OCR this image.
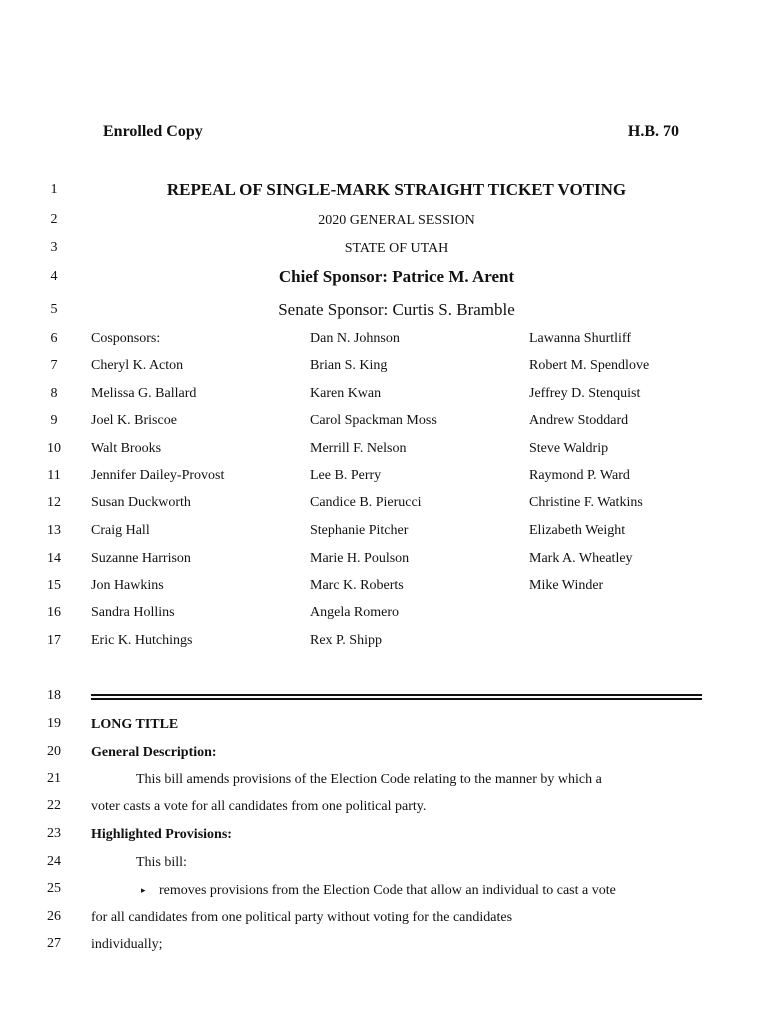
Enrolled Copy	H.B. 70
1
2
3
4
5
6
7
8
9
10
11
12
13
14
15
16
17
18
19
20
21
22
23
24
25
26
27
REPEAL OF SINGLE-MARK STRAIGHT TICKET VOTING
2020 GENERAL SESSION
STATE OF UTAH
Chief Sponsor: Patrice M. Arent
Senate Sponsor: Curtis S. Bramble
Cosponsors:	Dan N. Johnson	Lawanna Shurtliff
Cheryl K. Acton	Brian S. King	Robert M. Spendlove
Melissa G. Ballard	Karen Kwan	Jeffrey D. Stenquist
Joel K. Briscoe	Carol Spackman Moss	Andrew Stoddard
Walt Brooks	Merrill F. Nelson	Steve Waldrip
Jennifer Dailey-Provost	Lee B. Perry	Raymond P. Ward
Susan Duckworth	Candice B. Pierucci	Christine F. Watkins
Craig Hall	Stephanie Pitcher	Elizabeth Weight
Suzanne Harrison	Marie H. Poulson	Mark A. Wheatley
Jon Hawkins	Marc K. Roberts	Mike Winder
Sandra Hollins	Angela Romero
Eric K. Hutchings	Rex P. Shipp
LONG TITLE
General Description:
This bill amends provisions of the Election Code relating to the manner by which a
voter casts a vote for all candidates from one political party.
Highlighted Provisions:
This bill:
▸ removes provisions from the Election Code that allow an individual to cast a vote
for all candidates from one political party without voting for the candidates
individually;
